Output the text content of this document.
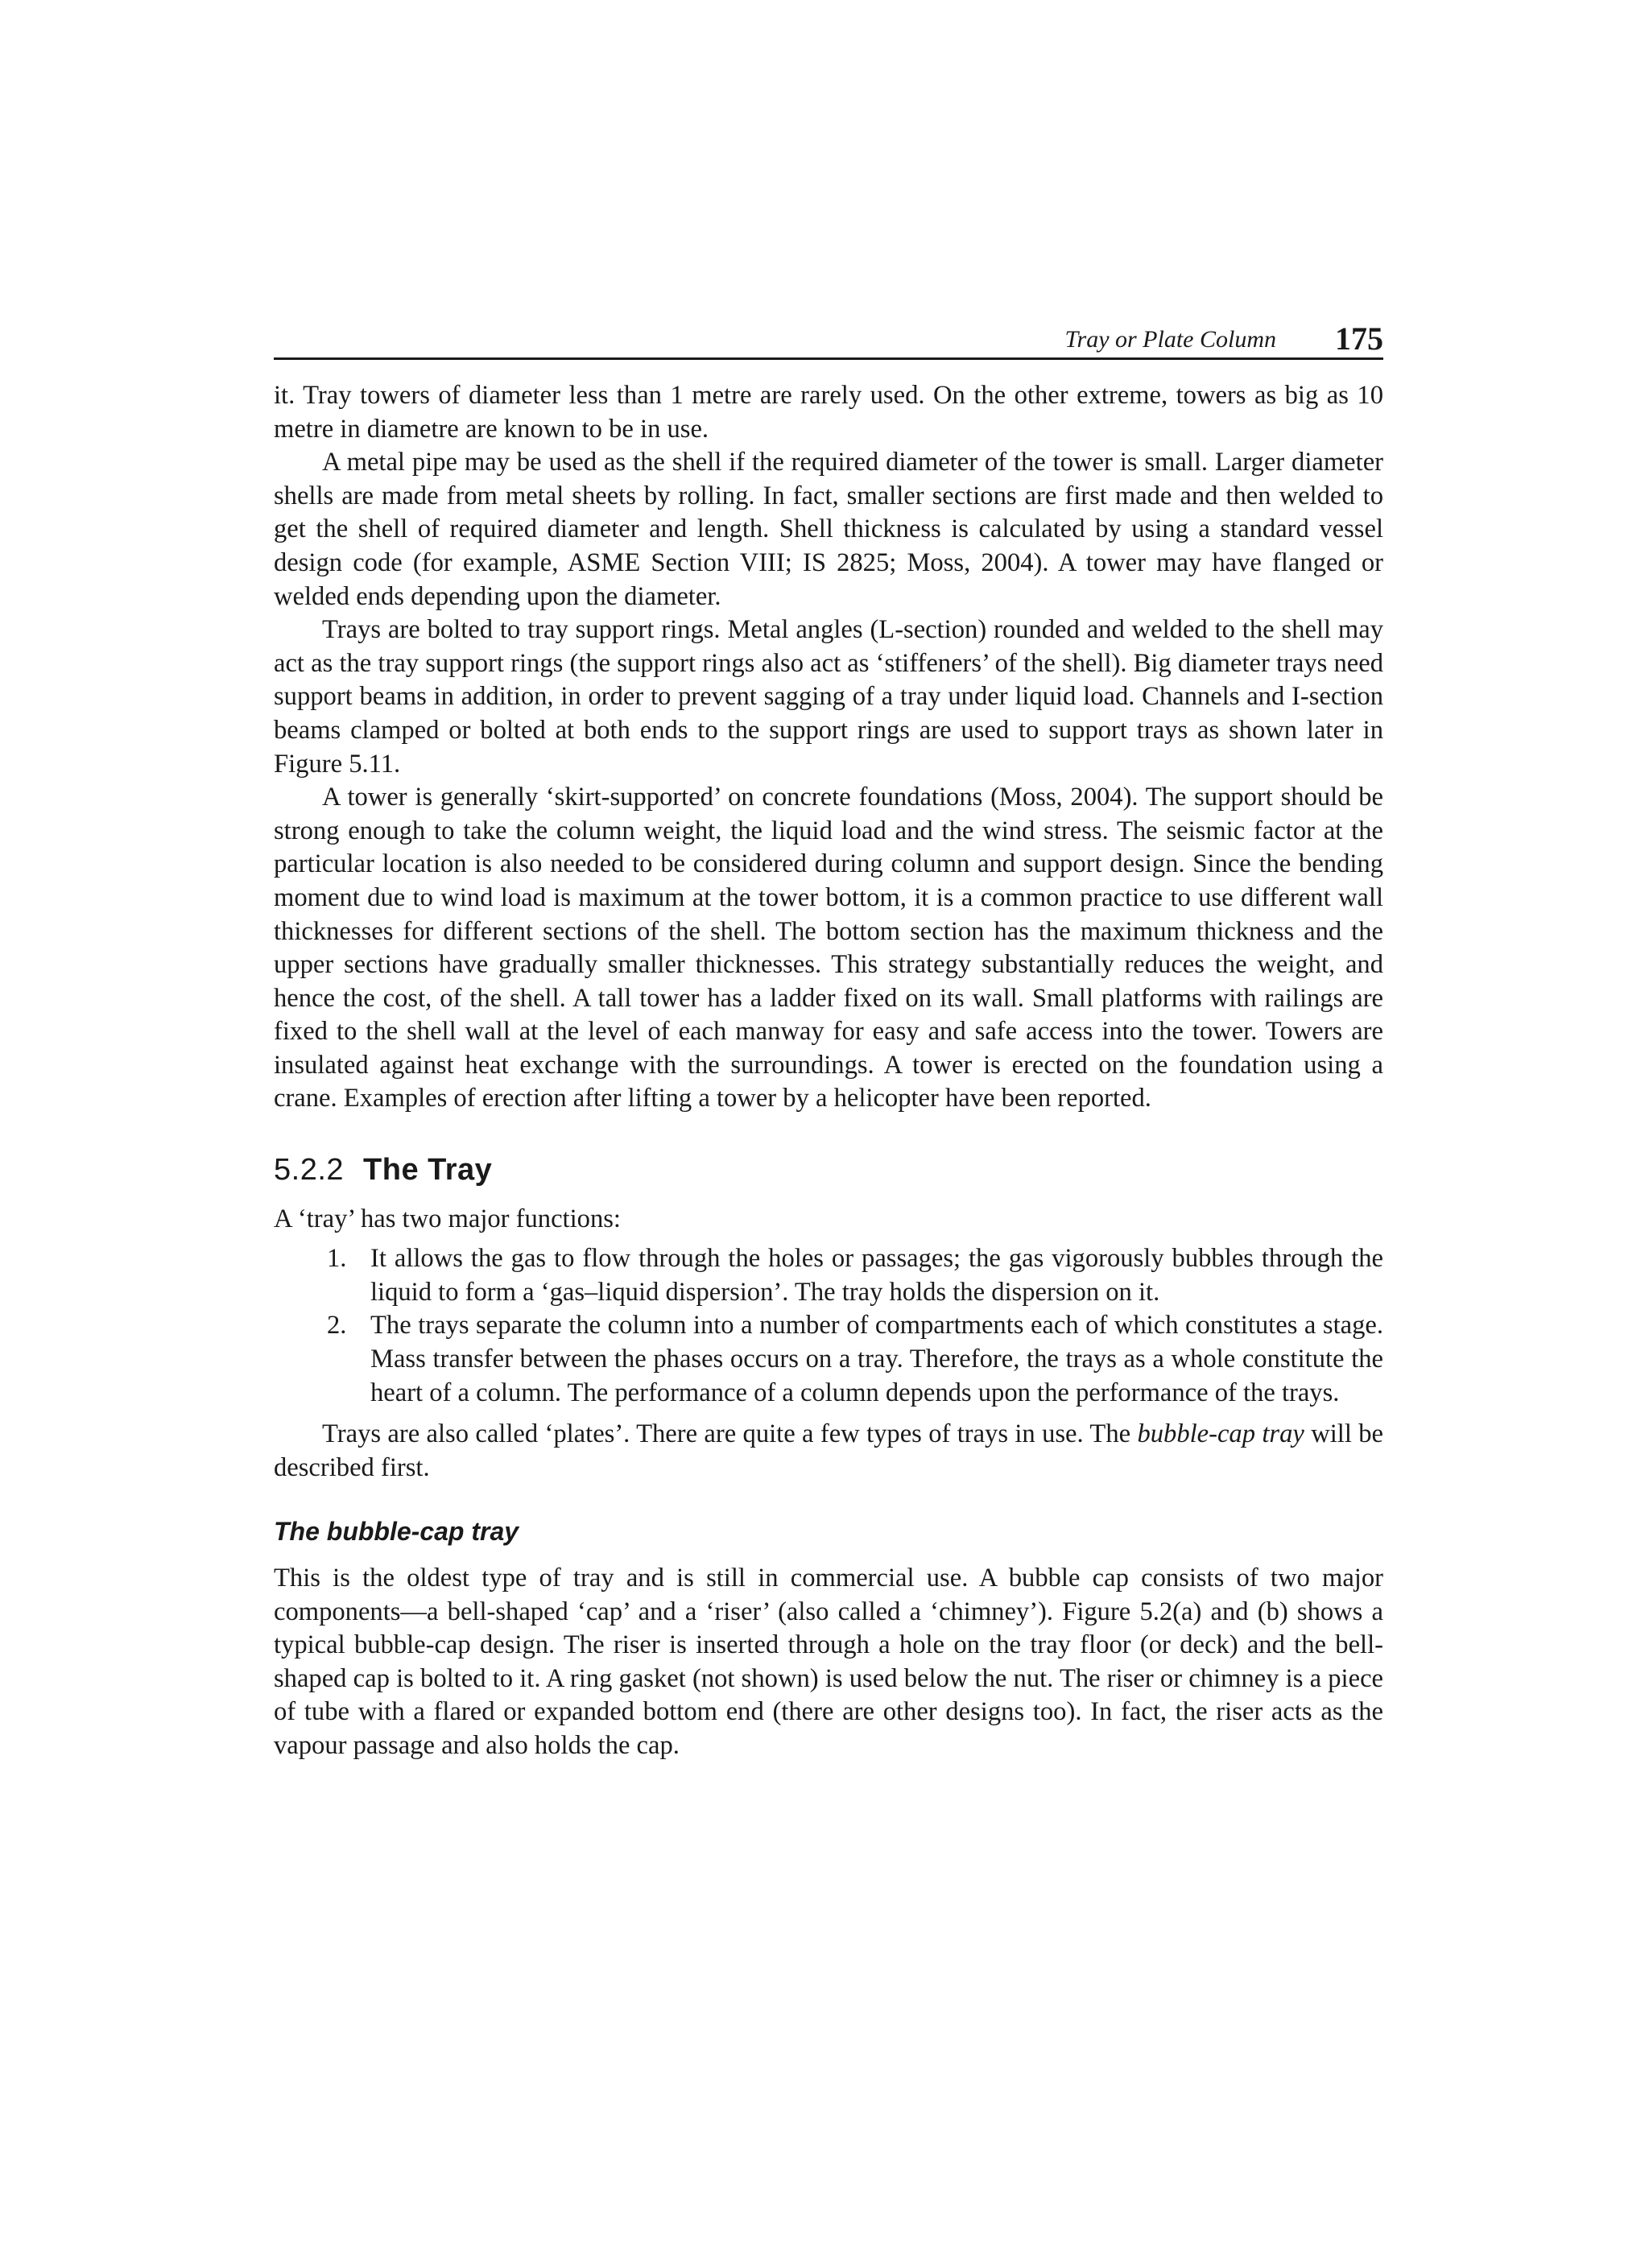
Tray or Plate Column 175

it. Tray towers of diameter less than 1 metre are rarely used. On the other extreme, towers as big as 10 metre in diametre are known to be in use.

A metal pipe may be used as the shell if the required diameter of the tower is small. Larger diameter shells are made from metal sheets by rolling. In fact, smaller sections are first made and then welded to get the shell of required diameter and length. Shell thickness is calculated by using a standard vessel design code (for example, ASME Section VIII; IS 2825; Moss, 2004). A tower may have flanged or welded ends depending upon the diameter.

Trays are bolted to tray support rings. Metal angles (L-section) rounded and welded to the shell may act as the tray support rings (the support rings also act as ‘stiffeners’ of the shell). Big diameter trays need support beams in addition, in order to prevent sagging of a tray under liquid load. Channels and I-section beams clamped or bolted at both ends to the support rings are used to support trays as shown later in Figure 5.11.

A tower is generally ‘skirt-supported’ on concrete foundations (Moss, 2004). The support should be strong enough to take the column weight, the liquid load and the wind stress. The seismic factor at the particular location is also needed to be considered during column and support design. Since the bending moment due to wind load is maximum at the tower bottom, it is a common practice to use different wall thicknesses for different sections of the shell. The bottom section has the maximum thickness and the upper sections have gradually smaller thicknesses. This strategy substantially reduces the weight, and hence the cost, of the shell. A tall tower has a ladder fixed on its wall. Small platforms with railings are fixed to the shell wall at the level of each manway for easy and safe access into the tower. Towers are insulated against heat exchange with the surroundings. A tower is erected on the foundation using a crane. Examples of erection after lifting a tower by a helicopter have been reported.

5.2.2 The Tray

A ‘tray’ has two major functions:

1. It allows the gas to flow through the holes or passages; the gas vigorously bubbles through the liquid to form a ‘gas–liquid dispersion’. The tray holds the dispersion on it.
2. The trays separate the column into a number of compartments each of which constitutes a stage. Mass transfer between the phases occurs on a tray. Therefore, the trays as a whole constitute the heart of a column. The performance of a column depends upon the performance of the trays.

Trays are also called ‘plates’. There are quite a few types of trays in use. The bubble-cap tray will be described first.

The bubble-cap tray

This is the oldest type of tray and is still in commercial use. A bubble cap consists of two major components—a bell-shaped ‘cap’ and a ‘riser’ (also called a ‘chimney’). Figure 5.2(a) and (b) shows a typical bubble-cap design. The riser is inserted through a hole on the tray floor (or deck) and the bell-shaped cap is bolted to it. A ring gasket (not shown) is used below the nut. The riser or chimney is a piece of tube with a flared or expanded bottom end (there are other designs too). In fact, the riser acts as the vapour passage and also holds the cap.
